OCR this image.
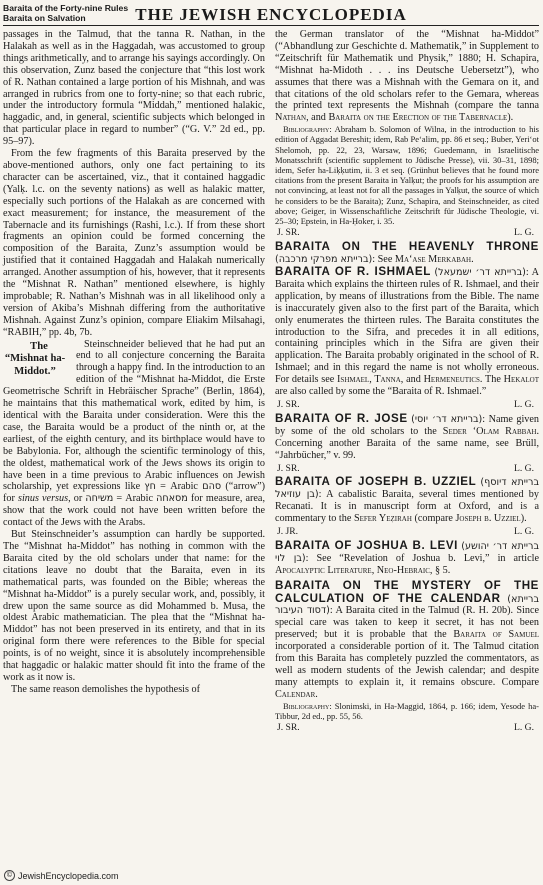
Baraita of the Forty-nine Rules
Baraita on Salvation	THE JEWISH ENCYCLOPEDIA

passages in the Talmud, that the tanna R. Nathan, in the Halakah as well as in the Haggadah, was accustomed to group things arithmetically, and to arrange his sayings accordingly. On this observation, Zunz based the conjecture that “this lost work of R. Nathan contained a large portion of his Mishnah, and was arranged in rubrics from one to forty-nine; so that each rubric, under the introductory formula “Middah,” mentioned halakic, haggadic, and, in general, scientific subjects which belonged in that particular place in regard to number” (“G. V.” 2d ed., pp. 95–97).

From the few fragments of this Baraita preserved by the above-mentioned authors, only one fact pertaining to its character can be ascertained, viz., that it contained haggadic (Yalḳ. l.c. on the seventy nations) as well as halakic matter, especially such portions of the Halakah as are concerned with exact measurement; for instance, the measurement of the Tabernacle and its furnishings (Rashi, l.c.). If from these short fragments an opinion could be formed concerning the composition of the Baraita, Zunz’s assumption would be justified that it contained Haggadah and Halakah numerically arranged. Another assumption of his, however, that it represents the “Mishnat R. Nathan” mentioned elsewhere, is highly improbable; R. Nathan’s Mishnah was in all likelihood only a version of Akiba’s Mishnah differing from the authoritative Mishnah. Against Zunz’s opinion, compare Eliakim Milsahagi, “RABIH,” pp. 4b, 7b.

The “Mishnat ha-Middot.”
Steinschneider believed that he had put an end to all conjecture concerning the Baraita through a happy find. In the introduction to an edition of the “Mishnat ha-Middot, die Erste Geometrische Schrift in Hebräischer Sprache” (Berlin, 1864), he maintains that this mathematical work, edited by him, is identical with the Baraita under consideration. Were this the case, the Baraita would be a product of the ninth or, at the earliest, of the eighth century, and its birthplace would have to be Babylonia. For, although the scientific terminology of this, the oldest, mathematical work of the Jews shows its origin to have been in a time previous to Arabic influences on Jewish scholarship, yet expressions like חץ = Arabic סהם (“arrow”) for sinus versus, or משיחה = Arabic מסאחה for measure, area, show that the work could not have been written before the contact of the Jews with the Arabs.

But Steinschneider’s assumption can hardly be supported. The “Mishnat ha-Middot” has nothing in common with the Baraita cited by the old scholars under that name: for the citations leave no doubt that the Baraita, even in its mathematical parts, was founded on the Bible; whereas the “Mishnat ha-Middot” is a purely secular work, and, possibly, it drew upon the same source as did Mohammed b. Musa, the oldest Arabic mathematician. The plea that the “Mishnat ha-Middot” has not been preserved in its entirety, and that in its original form there were references to the Bible for special points, is of no weight, since it is absolutely incomprehensible that haggadic or halakic matter should fit into the frame of the work as it now is.

The same reason demolishes the hypothesis of

the German translator of the “Mishnat ha-Middot” (“Abhandlung zur Geschichte d. Mathematik,” in Supplement to “Zeitschrift für Mathematik und Physik,” 1880; H. Schapira, “Mishnat ha-Midoth . . . ins Deutsche Uebersetzt”), who assumes that there was a Mishnah with the Gemara on it, and that citations of the old scholars refer to the Gemara, whereas the printed text represents the Mishnah (compare the tanna Nathan, and Baraita on the Erection of the Tabernacle).

Bibliography: Abraham b. Solomon of Wilna, in the introduction to his edition of Aggadat Bereshit; idem, Rab Pe‘alim, pp. 86 et seq.; Buber, Yeri‘ot Shelomoh, pp. 22, 23, Warsaw, 1896; Guedemann, in Israelitische Monatsschrift (scientific supplement to Jüdische Presse), vii. 30–31, 1898; idem, Sefer ha-Liḳḳutim, ii. 3 et seq. (Grünhut believes that he found more citations from the present Baraita in Yalḳut; the proofs for his assumption are not convincing, at least not for all the passages in Yalḳut, the source of which he considers to be the Baraita); Zunz, Schapira, and Steinschneider, as cited above; Geiger, in Wissenschaftliche Zeitschrift für Jüdische Theologie, vi. 25–30; Epstein, in Ha-Ḥoker, i. 35.

J. SR.	L. G.

BARAITA ON THE HEAVENLY THRONE (ברייתא מפרקי מרכבה): See Ma‘ase Merkabah.

BARAITA OF R. ISHMAEL (ברייתא דר׳ ישמעאל): A Baraita which explains the thirteen rules of R. Ishmael, and their application, by means of illustrations from the Bible. The name is inaccurately given also to the first part of the Baraita, which only enumerates the thirteen rules. The Baraita constitutes the introduction to the Sifra, and precedes it in all editions, containing principles which in the Sifra are given their application. The Baraita probably originated in the school of R. Ishmael; and in this regard the name is not wholly erroneous. For details see Ishmael, Tanna, and Hermeneutics. The Hekalot are also called by some the “Baraita of R. Ishmael.”

J. SR.	L. G.

BARAITA OF R. JOSE (ברייתא דר׳ יוסי): Name given by some of the old scholars to the Seder ‘Olam Rabbah. Concerning another Baraita of the same name, see Brüll, “Jahrbücher,” v. 99.

J. SR.	L. G.

BARAITA OF JOSEPH B. UZZIEL (ברייתא דיוסף בן עוזיאל): A cabalistic Baraita, several times mentioned by Recanati. It is in manuscript form at Oxford, and is a commentary to the Sefer Yeẓirah (compare Joseph b. Uzziel).

J. JR.	L. G.

BARAITA OF JOSHUA B. LEVI (ברייתא דר׳ יהושע בן לוי): See “Revelation of Joshua b. Levi,” in article Apocalyptic Literature, Neo-Hebraic, § 5.

BARAITA ON THE MYSTERY OF THE CALCULATION OF THE CALENDAR (ברייתא דסוד העיבור): A Baraita cited in the Talmud (R. H. 20b). Since special care was taken to keep it secret, it has not been preserved; but it is probable that the Baraita of Samuel incorporated a considerable portion of it. The Talmud citation from this Baraita has completely puzzled the commentators, as well as modern students of the Jewish calendar; and despite many attempts to explain it, it remains obscure. Compare Calendar.

Bibliography: Slonimski, in Ha-Maggid, 1864, p. 166; idem, Yesode ha-Tibbur, 2d ed., pp. 55, 56.

J. SR.	L. G.
© JewishEncyclopedia.com
